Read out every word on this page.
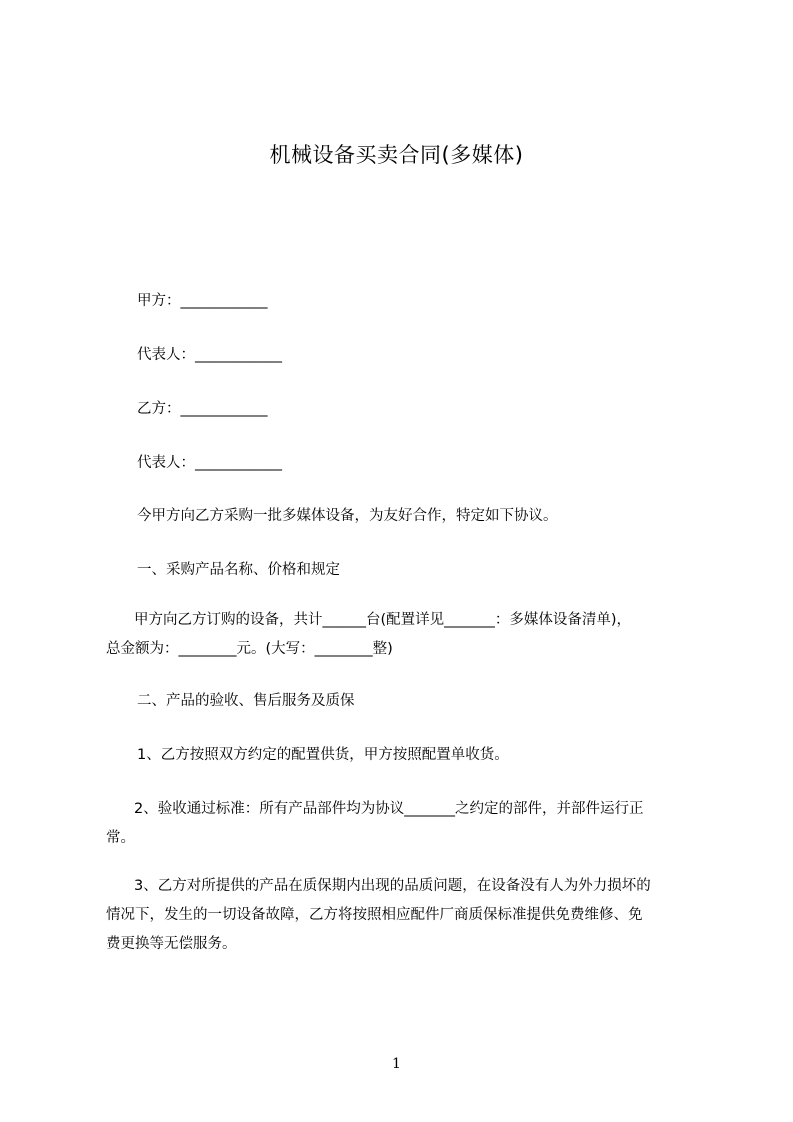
机械设备买卖合同(多媒体)
甲方：____________
代表人：____________
乙方：____________
代表人：____________
今甲方向乙方采购一批多媒体设备，为友好合作，特定如下协议。
一、采购产品名称、价格和规定

甲方向乙方订购的设备，共计______台(配置详见_______：多媒体设备清单)，

总金额为：________元。(大写：________整)

二、产品的验收、售后服务及质保
1、乙方按照双方约定的配置供货，甲方按照配置单收货。

2、验收通过标准：所有产品部件均为协议_______之约定的部件，并部件运行正

常。

3、乙方对所提供的产品在质保期内出现的品质问题，在设备没有人为外力损坏的

情况下，发生的一切设备故障，乙方将按照相应配件厂商质保标准提供免费维修、免

费更换等无偿服务。

1
